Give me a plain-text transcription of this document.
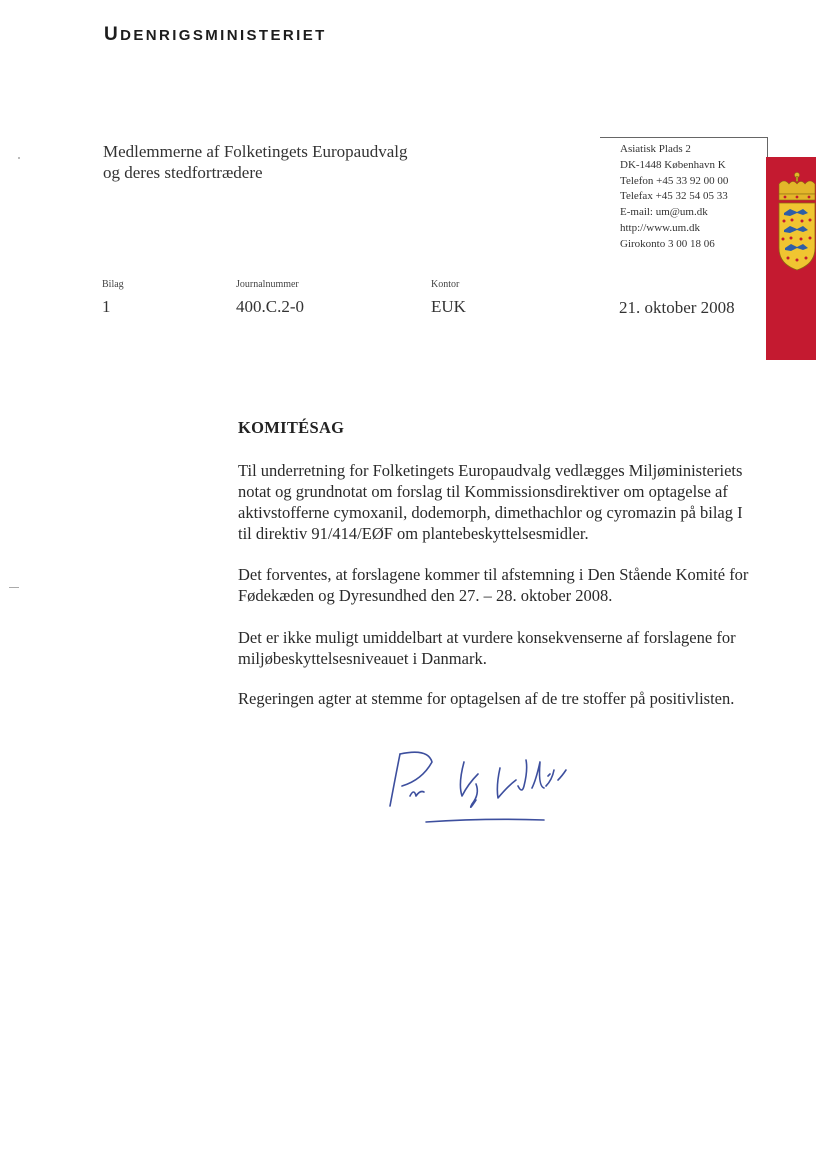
UDENRIGSMINISTERIET
Medlemmerne af Folketingets Europaudvalg
og deres stedfortrædere
Asiatisk Plads 2
DK-1448 København K
Telefon +45 33 92 00 00
Telefax +45 32 54 05 33
E-mail: um@um.dk
http://www.um.dk
Girokonto 3 00 18 06
Bilag
1
Journalnummer
400.C.2-0
Kontor
EUK	21. oktober 2008
KOMITÉSAG

Til underretning for Folketingets Europaudvalg vedlægges Miljøministeriets notat og grundnotat om forslag til Kommissionsdirektiver om optagelse af aktivstofferne cymoxanil, dodemorph, dimethachlor og cyromazin på bilag I til direktiv 91/414/EØF om plantebeskyttelsesmidler.

Det forventes, at forslagene kommer til afstemning i Den Stående Komité for Fødekæden og Dyresundhed den 27. – 28. oktober 2008.

Det er ikke muligt umiddelbart at vurdere konsekvenserne af forslagene for miljøbeskyttelsesniveauet i Danmark.

Regeringen agter at stemme for optagelsen af de tre stoffer på positivlisten.
